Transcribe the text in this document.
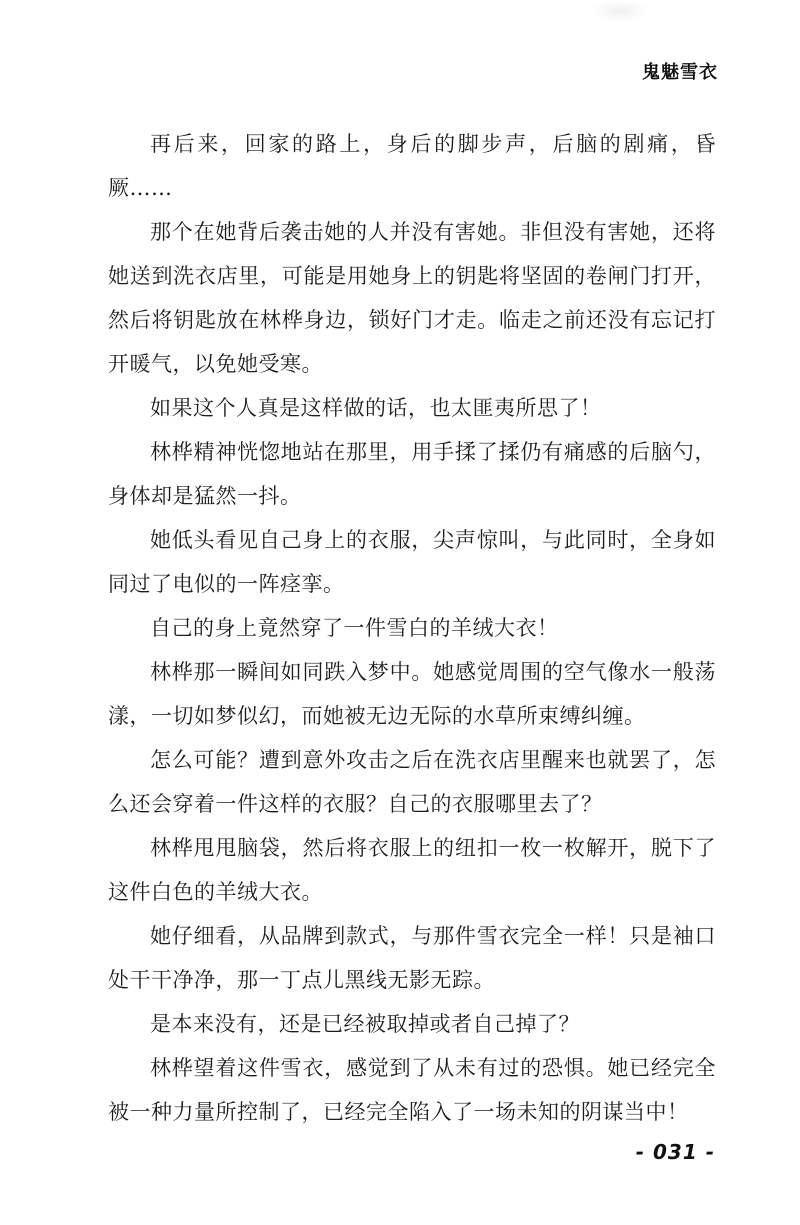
鬼魅雪衣

再后来，回家的路上，身后的脚步声，后脑的剧痛，昏厥……

那个在她背后袭击她的人并没有害她。非但没有害她，还将她送到洗衣店里，可能是用她身上的钥匙将坚固的卷闸门打开，然后将钥匙放在林桦身边，锁好门才走。临走之前还没有忘记打开暖气，以免她受寒。

如果这个人真是这样做的话，也太匪夷所思了！

林桦精神恍惚地站在那里，用手揉了揉仍有痛感的后脑勺，身体却是猛然一抖。

她低头看见自己身上的衣服，尖声惊叫，与此同时，全身如同过了电似的一阵痉挛。

自己的身上竟然穿了一件雪白的羊绒大衣！

林桦那一瞬间如同跌入梦中。她感觉周围的空气像水一般荡漾，一切如梦似幻，而她被无边无际的水草所束缚纠缠。

怎么可能？遭到意外攻击之后在洗衣店里醒来也就罢了，怎么还会穿着一件这样的衣服？自己的衣服哪里去了？

林桦甩甩脑袋，然后将衣服上的纽扣一枚一枚解开，脱下了这件白色的羊绒大衣。

她仔细看，从品牌到款式，与那件雪衣完全一样！只是袖口处干干净净，那一丁点儿黑线无影无踪。

是本来没有，还是已经被取掉或者自己掉了？

林桦望着这件雪衣，感觉到了从未有过的恐惧。她已经完全被一种力量所控制了，已经完全陷入了一场未知的阴谋当中！

- 031 -
